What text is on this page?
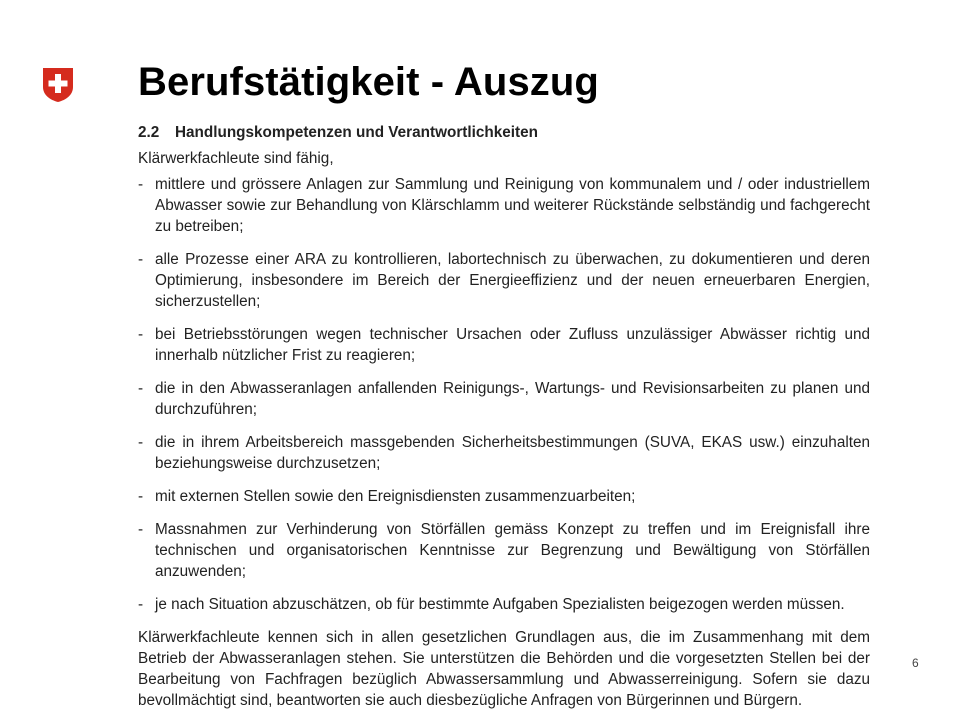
Berufstätigkeit - Auszug
2.2	Handlungskompetenzen und Verantwortlichkeiten

Klärwerkfachleute sind fähig,

- mittlere und grössere Anlagen zur Sammlung und Reinigung von kommunalem und / oder industriellem Abwasser sowie zur Behandlung von Klärschlamm und weiterer Rückstände selbständig und fachgerecht zu betreiben;
- alle Prozesse einer ARA zu kontrollieren, labortechnisch zu überwachen, zu dokumentieren und deren Optimierung, insbesondere im Bereich der Energieeffizienz und der neuen erneuerbaren Energien, sicherzustellen;
- bei Betriebsstörungen wegen technischer Ursachen oder Zufluss unzulässiger Abwässer richtig und innerhalb nützlicher Frist zu reagieren;
- die in den Abwasseranlagen anfallenden Reinigungs-, Wartungs- und Revisionsarbeiten zu planen und durchzuführen;
- die in ihrem Arbeitsbereich massgebenden Sicherheitsbestimmungen (SUVA, EKAS usw.) einzuhalten beziehungsweise durchzusetzen;
- mit externen Stellen sowie den Ereignisdiensten zusammenzuarbeiten;
- Massnahmen zur Verhinderung von Störfällen gemäss Konzept zu treffen und im Ereignisfall ihre technischen und organisatorischen Kenntnisse zur Begrenzung und Bewältigung von Störfällen anzuwenden;
- je nach Situation abzuschätzen, ob für bestimmte Aufgaben Spezialisten beigezogen werden müssen.

Klärwerkfachleute kennen sich in allen gesetzlichen Grundlagen aus, die im Zusammenhang mit dem Betrieb der Abwasseranlagen stehen. Sie unterstützen die Behörden und die vorgesetzten Stellen bei der Bearbeitung von Fachfragen bezüglich Abwassersammlung und Abwasserreinigung. Sofern sie dazu bevollmächtigt sind, beantworten sie auch diesbezügliche Anfragen von Bürgerinnen und Bürgern.

6
